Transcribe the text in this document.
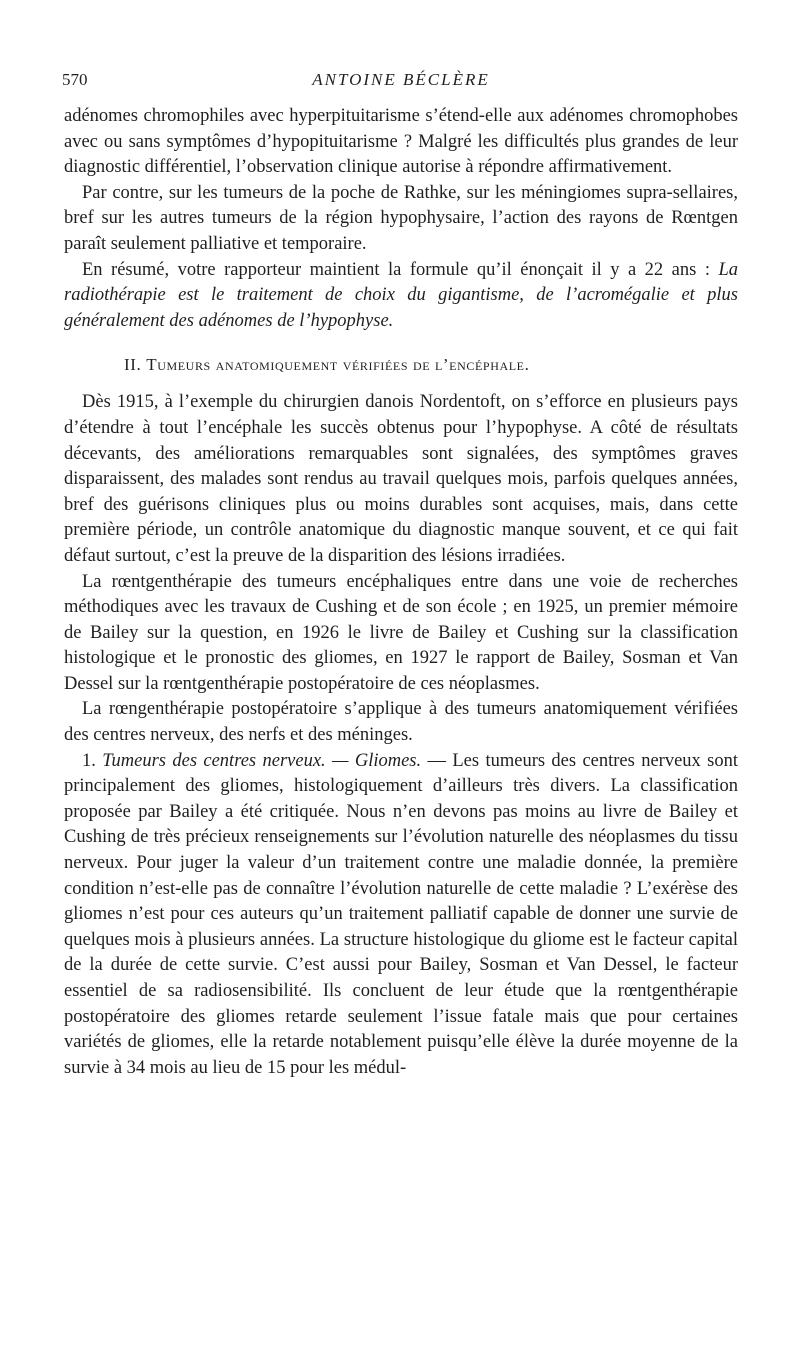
570	ANTOINE BÉCLÈRE

adénomes chromophiles avec hyperpituitarisme s’étend-elle aux adénomes chromophobes avec ou sans symptômes d’hypopituitarisme ? Malgré les difficultés plus grandes de leur diagnostic différentiel, l’observation clinique autorise à répondre affirmativement.

Par contre, sur les tumeurs de la poche de Rathke, sur les méningiomes supra-sellaires, bref sur les autres tumeurs de la région hypophysaire, l’action des rayons de Rœntgen paraît seulement palliative et temporaire.

En résumé, votre rapporteur maintient la formule qu’il énonçait il y a 22 ans : La radiothérapie est le traitement de choix du gigantisme, de l’acromégalie et plus généralement des adénomes de l’hypophyse.

II. Tumeurs anatomiquement vérifiées de l’encéphale.

Dès 1915, à l’exemple du chirurgien danois Nordentoft, on s’efforce en plusieurs pays d’étendre à tout l’encéphale les succès obtenus pour l’hypophyse. A côté de résultats décevants, des améliorations remarquables sont signalées, des symptômes graves disparaissent, des malades sont rendus au travail quelques mois, parfois quelques années, bref des guérisons cliniques plus ou moins durables sont acquises, mais, dans cette première période, un contrôle anatomique du diagnostic manque souvent, et ce qui fait défaut surtout, c’est la preuve de la disparition des lésions irradiées.

La rœntgenthérapie des tumeurs encéphaliques entre dans une voie de recherches méthodiques avec les travaux de Cushing et de son école ; en 1925, un premier mémoire de Bailey sur la question, en 1926 le livre de Bailey et Cushing sur la classification histologique et le pronostic des gliomes, en 1927 le rapport de Bailey, Sosman et Van Dessel sur la rœntgenthérapie postopératoire de ces néoplasmes.

La rœngenthérapie postopératoire s’applique à des tumeurs anatomiquement vérifiées des centres nerveux, des nerfs et des méninges.

1. Tumeurs des centres nerveux. — Gliomes. — Les tumeurs des centres nerveux sont principalement des gliomes, histologiquement d’ailleurs très divers. La classification proposée par Bailey a été critiquée. Nous n’en devons pas moins au livre de Bailey et Cushing de très précieux renseignements sur l’évolution naturelle des néoplasmes du tissu nerveux. Pour juger la valeur d’un traitement contre une maladie donnée, la première condition n’est-elle pas de connaître l’évolution naturelle de cette maladie ? L’exérèse des gliomes n’est pour ces auteurs qu’un traitement palliatif capable de donner une survie de quelques mois à plusieurs années. La structure histologique du gliome est le facteur capital de la durée de cette survie. C’est aussi pour Bailey, Sosman et Van Dessel, le facteur essentiel de sa radiosensibilité. Ils concluent de leur étude que la rœntgenthérapie postopératoire des gliomes retarde seulement l’issue fatale mais que pour certaines variétés de gliomes, elle la retarde notablement puisqu’elle élève la durée moyenne de la survie à 34 mois au lieu de 15 pour les médul-
